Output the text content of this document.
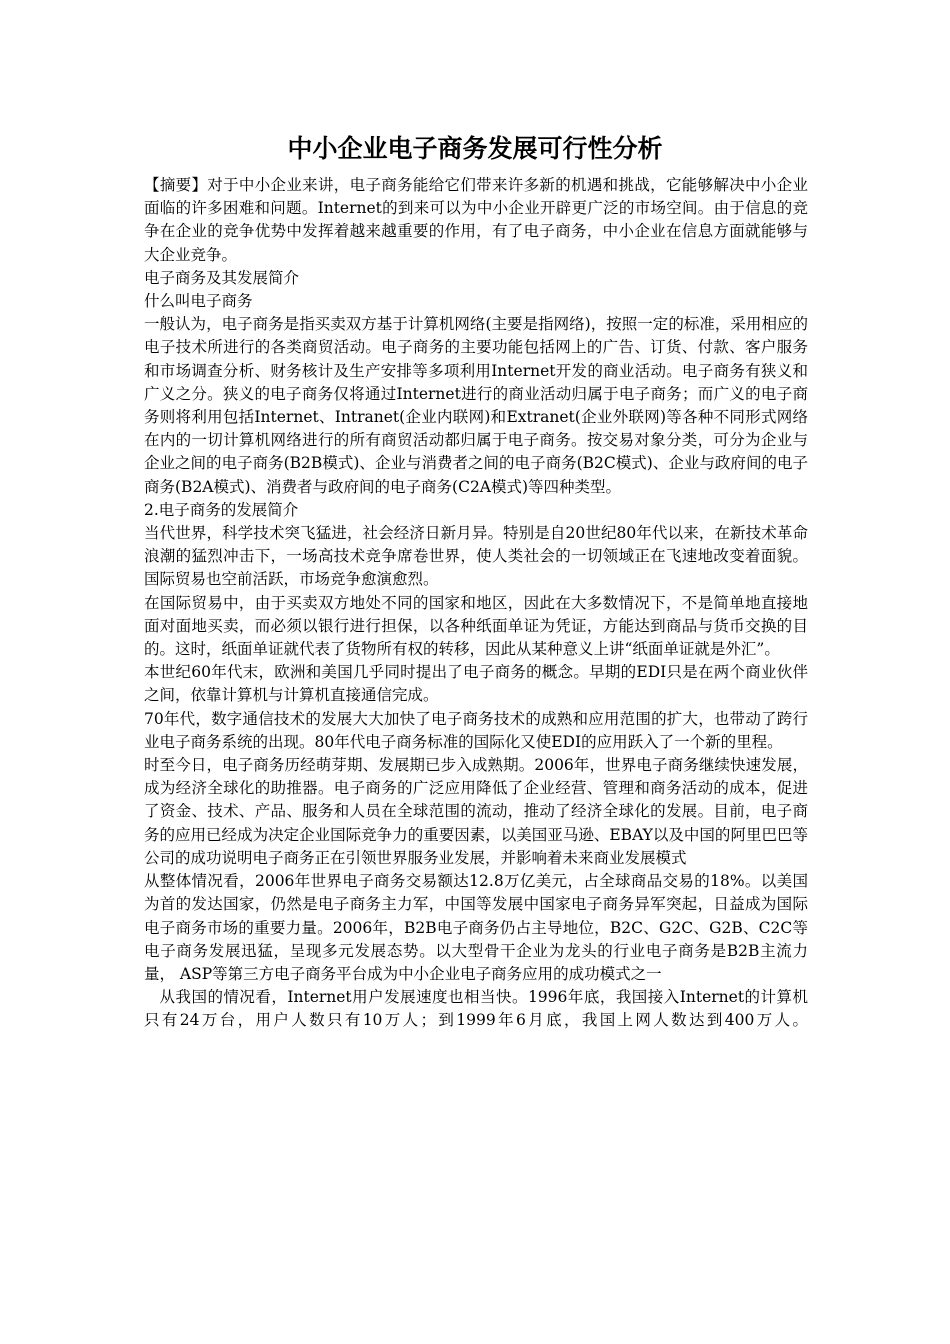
中小企业电子商务发展可行性分析

【摘要】对于中小企业来讲，电子商务能给它们带来许多新的机遇和挑战，它能够解决中小企业面临的许多困难和问题。Internet的到来可以为中小企业开辟更广泛的市场空间。由于信息的竞争在企业的竞争优势中发挥着越来越重要的作用，有了电子商务，中小企业在信息方面就能够与大企业竞争。

电子商务及其发展简介

什么叫电子商务

一般认为，电子商务是指买卖双方基于计算机网络(主要是指网络)，按照一定的标准，采用相应的电子技术所进行的各类商贸活动。电子商务的主要功能包括网上的广告、订货、付款、客户服务和市场调查分析、财务核计及生产安排等多项利用Internet开发的商业活动。电子商务有狭义和广义之分。狭义的电子商务仅将通过Internet进行的商业活动归属于电子商务；而广义的电子商务则将利用包括Internet、Intranet(企业内联网)和Extranet(企业外联网)等各种不同形式网络在内的一切计算机网络进行的所有商贸活动都归属于电子商务。按交易对象分类，可分为企业与企业之间的电子商务(B2B模式)、企业与消费者之间的电子商务(B2C模式)、企业与政府间的电子商务(B2A模式)、消费者与政府间的电子商务(C2A模式)等四种类型。

2.电子商务的发展简介

当代世界，科学技术突飞猛进，社会经济日新月异。特别是自20世纪80年代以来，在新技术革命浪潮的猛烈冲击下，一场高技术竞争席卷世界，使人类社会的一切领域正在飞速地改变着面貌。国际贸易也空前活跃，市场竞争愈演愈烈。

在国际贸易中，由于买卖双方地处不同的国家和地区，因此在大多数情况下，不是简单地直接地面对面地买卖，而必须以银行进行担保，以各种纸面单证为凭证，方能达到商品与货币交换的目的。这时，纸面单证就代表了货物所有权的转移，因此从某种意义上讲“纸面单证就是外汇”。

本世纪60年代末，欧洲和美国几乎同时提出了电子商务的概念。早期的EDI只是在两个商业伙伴之间，依靠计算机与计算机直接通信完成。

70年代，数字通信技术的发展大大加快了电子商务技术的成熟和应用范围的扩大，也带动了跨行业电子商务系统的出现。80年代电子商务标准的国际化又使EDI的应用跃入了一个新的里程。

时至今日，电子商务历经萌芽期、发展期已步入成熟期。2006年，世界电子商务继续快速发展，成为经济全球化的助推器。电子商务的广泛应用降低了企业经营、管理和商务活动的成本，促进了资金、技术、产品、服务和人员在全球范围的流动，推动了经济全球化的发展。目前，电子商务的应用已经成为决定企业国际竞争力的重要因素，以美国亚马逊、EBAY以及中国的阿里巴巴等公司的成功说明电子商务正在引领世界服务业发展，并影响着未来商业发展模式

从整体情况看，2006年世界电子商务交易额达12.8万亿美元，占全球商品交易的18%。以美国为首的发达国家，仍然是电子商务主力军，中国等发展中国家电子商务异军突起，日益成为国际电子商务市场的重要力量。2006年，B2B电子商务仍占主导地位，B2C、G2C、G2B、C2C等电子商务发展迅猛，呈现多元发展态势。以大型骨干企业为龙头的行业电子商务是B2B主流力量， ASP等第三方电子商务平台成为中小企业电子商务应用的成功模式之一

从我国的情况看，Internet用户发展速度也相当快。1996年底，我国接入Internet的计算机只有24万台，用户人数只有10万人；到1999年6月底，我国上网人数达到400万人。
